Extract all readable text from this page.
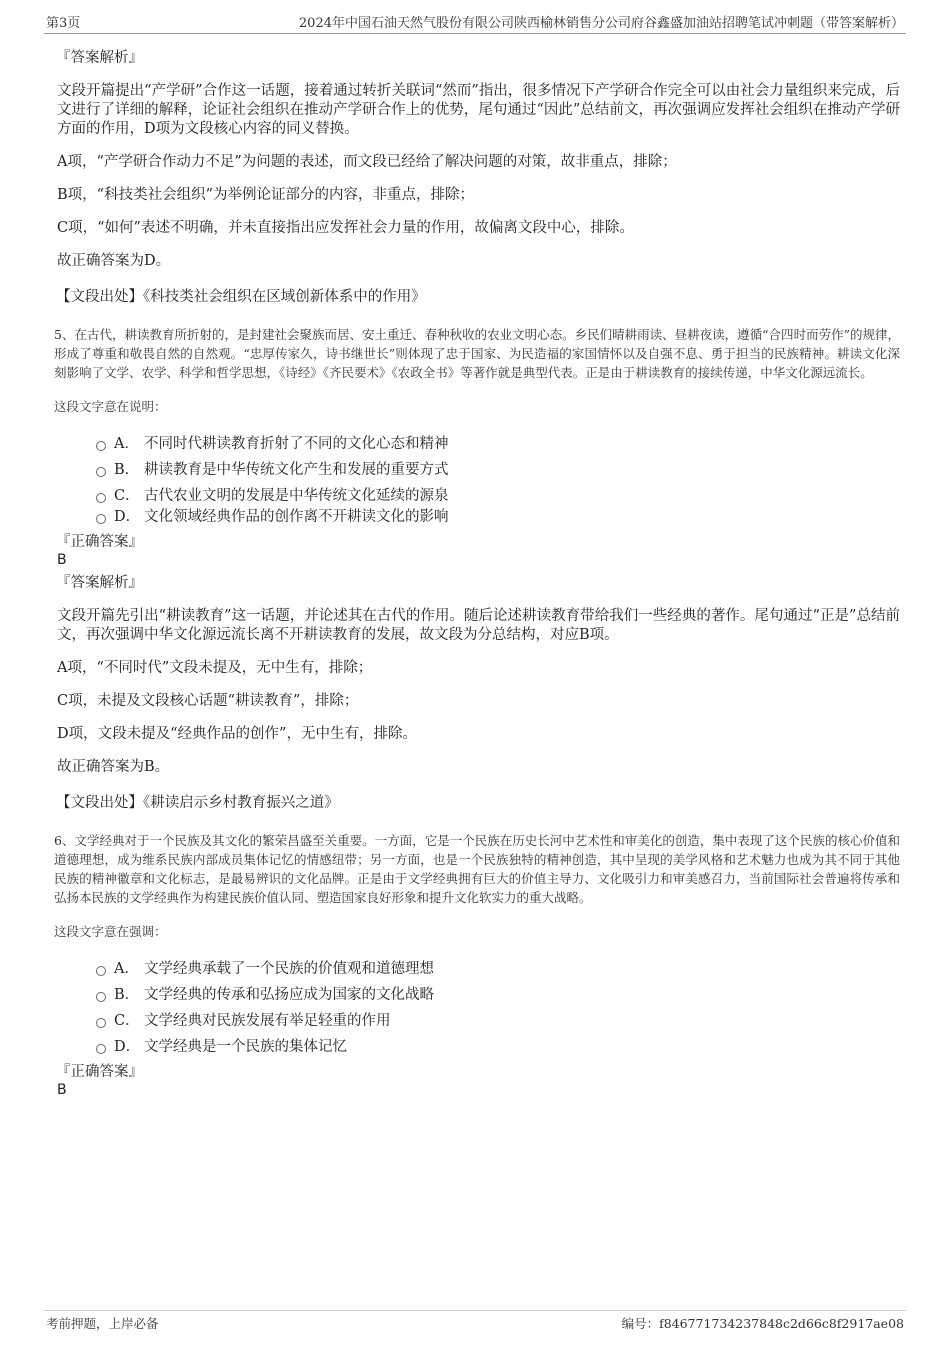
第3页	2024年中国石油天然气股份有限公司陕西榆林销售分公司府谷鑫盛加油站招聘笔试冲刺题（带答案解析）
『答案解析』

文段开篇提出“产学研”合作这一话题，接着通过转折关联词“然而”指出，很多情况下产学研合作完全可以由社会力量组织来完成，后文进行了详细的解释，论证社会组织在推动产学研合作上的优势，尾句通过“因此”总结前文，再次强调应发挥社会组织在推动产学研方面的作用，D项为文段核心内容的同义替换。

A项，“产学研合作动力不足”为问题的表述，而文段已经给了解决问题的对策，故非重点，排除；

B项，“科技类社会组织”为举例论证部分的内容，非重点，排除；

C项，“如何”表述不明确，并未直接指出应发挥社会力量的作用，故偏离文段中心，排除。

故正确答案为D。

【文段出处】《科技类社会组织在区域创新体系中的作用》

5、在古代，耕读教育所折射的，是封建社会聚族而居、安土重迁、春种秋收的农业文明心态。乡民们晴耕雨读、昼耕夜读，遵循“合四时而劳作”的规律，形成了尊重和敬畏自然的自然观。“忠厚传家久，诗书继世长”则体现了忠于国家、为民造福的家国情怀以及自强不息、勇于担当的民族精神。耕读文化深刻影响了文学、农学、科学和哲学思想，《诗经》《齐民要术》《农政全书》等著作就是典型代表。正是由于耕读教育的接续传递，中华文化源远流长。

这段文字意在说明：
A． 不同时代耕读教育折射了不同的文化心态和精神
B． 耕读教育是中华传统文化产生和发展的重要方式
C． 古代农业文明的发展是中华传统文化延续的源泉
D． 文化领域经典作品的创作离不开耕读文化的影响
『正确答案』
B
『答案解析』

文段开篇先引出“耕读教育”这一话题，并论述其在古代的作用。随后论述耕读教育带给我们一些经典的著作。尾句通过“正是”总结前文，再次强调中华文化源远流长离不开耕读教育的发展，故文段为分总结构，对应B项。

A项，“不同时代”文段未提及，无中生有，排除；

C项，未提及文段核心话题“耕读教育”，排除；

D项，文段未提及“经典作品的创作”，无中生有，排除。

故正确答案为B。

【文段出处】《耕读启示乡村教育振兴之道》

6、文学经典对于一个民族及其文化的繁荣昌盛至关重要。一方面，它是一个民族在历史长河中艺术性和审美化的创造，集中表现了这个民族的核心价值和道德理想，成为维系民族内部成员集体记忆的情感纽带；另一方面，也是一个民族独特的精神创造，其中呈现的美学风格和艺术魅力也成为其不同于其他民族的精神徽章和文化标志，是最易辨识的文化品牌。正是由于文学经典拥有巨大的价值主导力、文化吸引力和审美感召力，当前国际社会普遍将传承和弘扬本民族的文学经典作为构建民族价值认同、塑造国家良好形象和提升文化软实力的重大战略。

这段文字意在强调：
A． 文学经典承载了一个民族的价值观和道德理想
B． 文学经典的传承和弘扬应成为国家的文化战略
C． 文学经典对民族发展有举足轻重的作用
D． 文学经典是一个民族的集体记忆
『正确答案』
B
考前押题，上岸必备	编号：f846771734237848c2d66c8f2917ae08
